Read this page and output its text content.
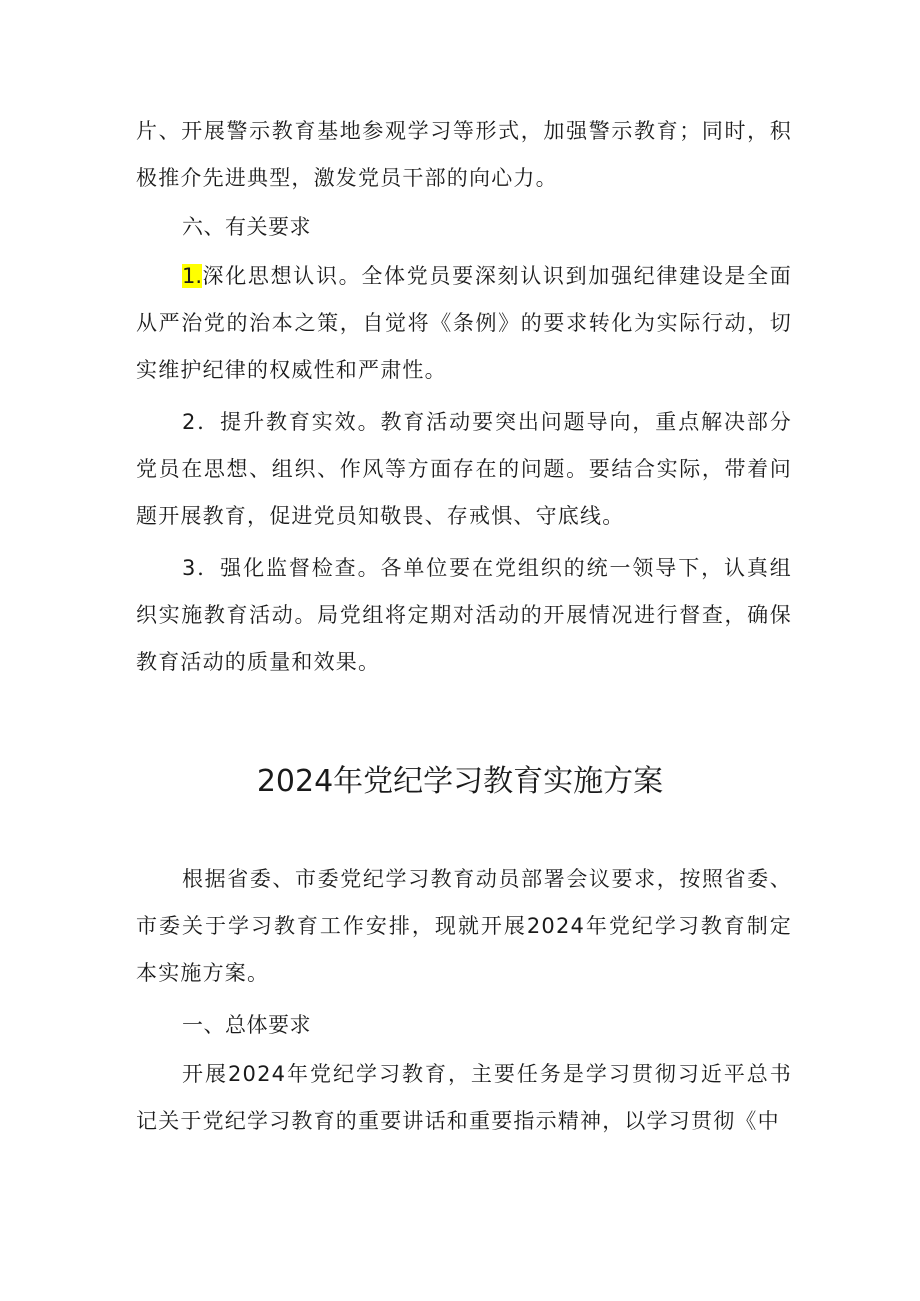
片、开展警示教育基地参观学习等形式，加强警示教育；同时，积极推介先进典型，激发党员干部的向心力。

六、有关要求

1.深化思想认识。全体党员要深刻认识到加强纪律建设是全面从严治党的治本之策，自觉将《条例》的要求转化为实际行动，切实维护纪律的权威性和严肃性。

2．提升教育实效。教育活动要突出问题导向，重点解决部分党员在思想、组织、作风等方面存在的问题。要结合实际，带着问题开展教育，促进党员知敬畏、存戒惧、守底线。

3．强化监督检查。各单位要在党组织的统一领导下，认真组织实施教育活动。局党组将定期对活动的开展情况进行督查，确保教育活动的质量和效果。

2024年党纪学习教育实施方案

根据省委、市委党纪学习教育动员部署会议要求，按照省委、市委关于学习教育工作安排，现就开展2024年党纪学习教育制定本实施方案。

一、总体要求

开展2024年党纪学习教育，主要任务是学习贯彻习近平总书记关于党纪学习教育的重要讲话和重要指示精神，以学习贯彻《中
